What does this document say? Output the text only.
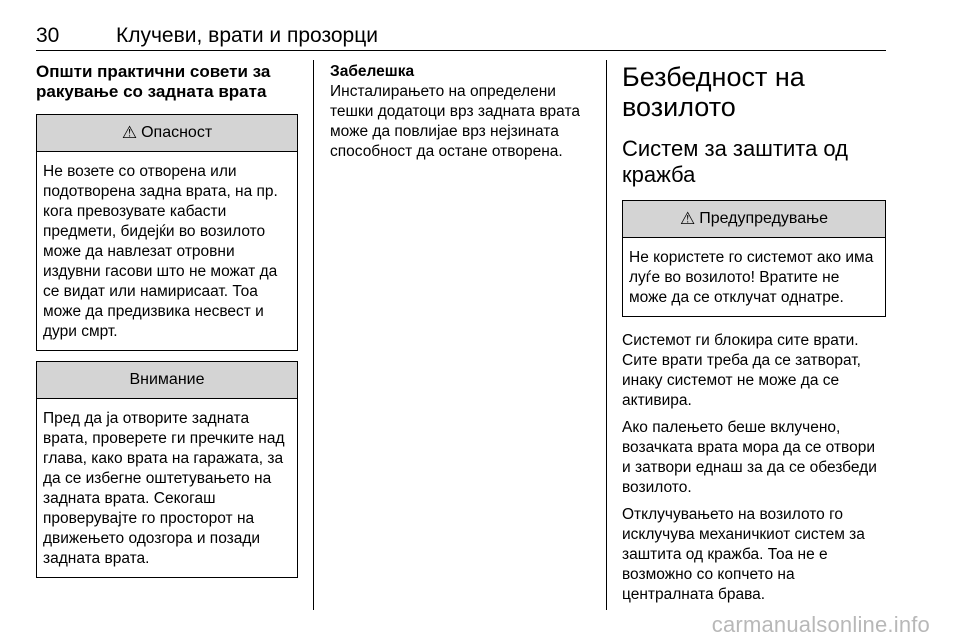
30	Клучеви, врати и прозорци
Општи практични совети за ракување со задната врата
⚠ Опасност
Не возете со отворена или подотворена задна врата, на пр. кога превозувате кабасти предмети, бидејќи во возилото може да навлезат отровни издувни гасови што не можат да се видат или намирисаат. Тоа може да предизвика несвест и дури смрт.
Внимание
Пред да ја отворите задната врата, проверете ги пречките над глава, како врата на гаражата, за да се избегне оштетувањето на задната врата. Секогаш проверувајте го просторот на движењето одозгора и позади задната врата.
Забелешка
Инсталирањето на определени тешки додатоци врз задната врата може да повлијае врз нејзината способност да остане отворена.
Безбедност на возилото
Систем за заштита од кражба
⚠ Предупредување
Не користете го системот ако има луѓе во возилото! Вратите не може да се отклучат однатре.

Системот ги блокира сите врати. Сите врати треба да се затворат, инаку системот не може да се активира.

Ако палењето беше вклучено, возачката врата мора да се отвори и затвори еднаш за да се обезбеди возилото.

Отклучувањето на возилото го исклучува механичкиот систем за заштита од кражба. Тоа не е возможно со копчето на централната брава.

carmanualsonline.info
